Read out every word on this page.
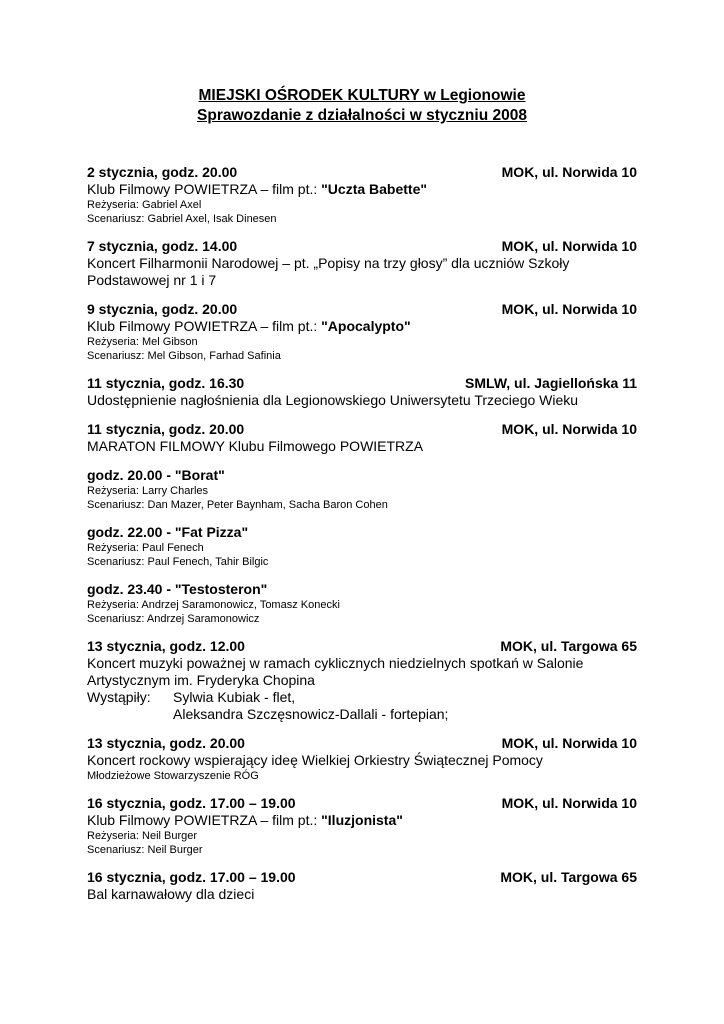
MIEJSKI OŚRODEK KULTURY w Legionowie
Sprawozdanie z działalności w styczniu 2008
2 stycznia, godz. 20.00	MOK, ul. Norwida 10
Klub Filmowy POWIETRZA – film pt.: "Uczta Babette"
Reżyseria: Gabriel Axel
Scenariusz: Gabriel Axel, Isak Dinesen
7 stycznia, godz. 14.00	MOK, ul. Norwida 10
Koncert Filharmonii Narodowej – pt. „Popisy na trzy głosy” dla uczniów Szkoły Podstawowej nr 1 i 7
9 stycznia, godz. 20.00	MOK, ul. Norwida 10
Klub Filmowy POWIETRZA – film pt.: "Apocalypto"
Reżyseria: Mel Gibson
Scenariusz: Mel Gibson, Farhad Safinia
11 stycznia, godz. 16.30	SMLW, ul. Jagiellońska 11
Udostępnienie nagłośnienia dla Legionowskiego Uniwersytetu Trzeciego Wieku
11 stycznia, godz. 20.00	MOK, ul. Norwida 10
MARATON FILMOWY Klubu Filmowego POWIETRZA
godz. 20.00 - "Borat"
Reżyseria: Larry Charles
Scenariusz: Dan Mazer, Peter Baynham, Sacha Baron Cohen
godz. 22.00 - "Fat Pizza"
Reżyseria: Paul Fenech
Scenariusz: Paul Fenech, Tahir Bilgic
godz. 23.40 - "Testosteron"
Reżyseria: Andrzej Saramonowicz, Tomasz Konecki
Scenariusz: Andrzej Saramonowicz
13 stycznia, godz. 12.00	MOK, ul. Targowa 65
Koncert muzyki poważnej w ramach cyklicznych niedzielnych spotkań w Salonie Artystycznym im. Fryderyka Chopina
Wystąpiły:	Sylwia Kubiak - flet,
Aleksandra Szczęsnowicz-Dallali - fortepian;
13 stycznia, godz. 20.00	MOK, ul. Norwida 10
Koncert rockowy wspierający ideę Wielkiej Orkiestry Świątecznej Pomocy
Młodzieżowe Stowarzyszenie RÓG
16 stycznia, godz. 17.00 – 19.00	MOK, ul. Norwida 10
Klub Filmowy POWIETRZA – film pt.: "Iluzjonista"
Reżyseria: Neil Burger
Scenariusz: Neil Burger
16 stycznia, godz. 17.00 – 19.00	MOK, ul. Targowa 65
Bal karnawałowy dla dzieci
